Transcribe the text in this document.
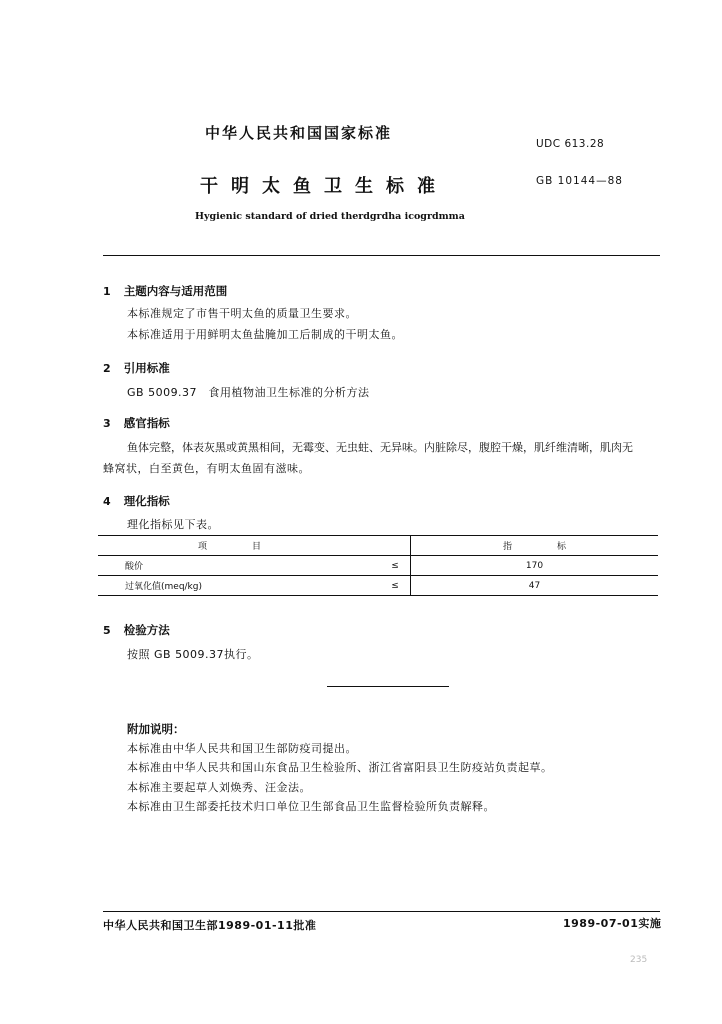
中华人民共和国国家标准
UDC 613.28
干明太鱼卫生标准	GB 10144—88
Hygienic standard of dried therdgrdha icogrdmma
1 主题内容与适用范围
本标准规定了市售干明太鱼的质量卫生要求。
本标准适用于用鲜明太鱼盐腌加工后制成的干明太鱼。
2 引用标准
GB 5009.37　食用植物油卫生标准的分析方法
3 感官指标
鱼体完整，体表灰黑或黄黑相间，无霉变、无虫蛀、无异味。内脏除尽，腹腔干燥，肌纤维清晰，肌肉无
蜂窝状，白至黄色，有明太鱼固有滋味。
4 理化指标
理化指标见下表。
项　　　　　目		指　　　　　标
酸价	≤	170
过氧化值(meq/kg)	≤	47
5 检验方法
按照 GB 5009.37执行。
附加说明：
本标准由中华人民共和国卫生部防疫司提出。
本标准由中华人民共和国山东食品卫生检验所、浙江省富阳县卫生防疫站负责起草。
本标准主要起草人刘焕秀、汪金法。
本标准由卫生部委托技术归口单位卫生部食品卫生监督检验所负责解释。
中华人民共和国卫生部1989-01-11批准	1989-07-01实施
235
